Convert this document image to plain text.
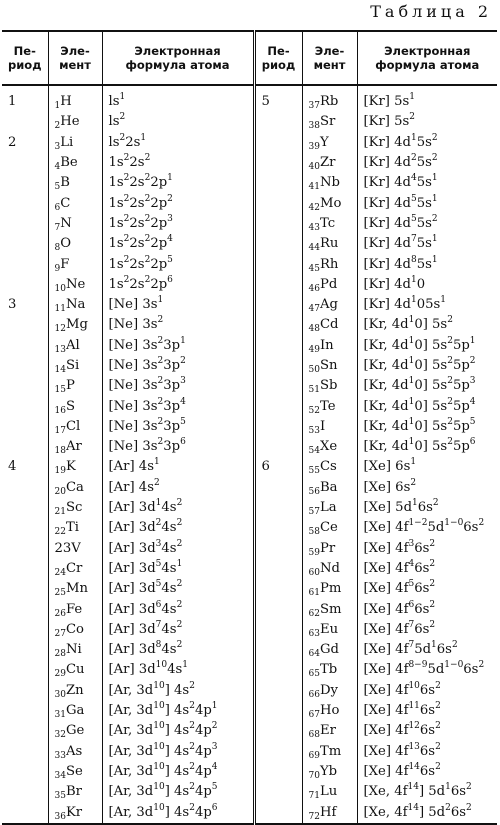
Таблица 2
Пе-
риод	Эле-
мент	Электронная
формула атома	Пе-
риод	Эле-
мент	Электронная
формула атома

1	$_1$H	$ls^1$	5	$_{37}$Rb	[Kr] $5s^1$
	$_2$He	$ls^2$		$_{38}$Sr	[Kr] $5s^2$
2	$_3$Li	$ls^22s^1$		$_{39}$Y	[Kr] $4d^15s^2$
	$_4$Be	$1s^22s^2$		$_{40}$Zr	[Kr] $4d^25s^2$
	$_5$B	$1s^22s^22p^1$		$_{41}$Nb	[Kr] $4d^45s^1$
	$_6$C	$1s^22s^22p^2$		$_{42}$Mo	[Kr] $4d^55s^1$
	$_7$N	$1s^22s^22p^3$		$_{43}$Tc	[Kr] $4d^55s^2$
	$_8$O	$1s^22s^22p^4$		$_{44}$Ru	[Kr] $4d^75s^1$
	$_9$F	$1s^22s^22p^5$		$_{45}$Rh	[Kr] $4d^85s^1$
	$_{10}$Ne	$1s^22s^22p^6$		$_{46}$Pd	[Kr] $4d^10$
3	$_{11}$Na	[Ne] $3s^1$		$_{47}$Ag	[Kr] $4d^105s^1$
	$_{12}$Mg	[Ne] $3s^2$		$_{48}$Cd	[Kr, $4d^10$] $5s^2$
	$_{13}$Al	[Ne] $3s^23p^1$		$_{49}$In	[Kr, $4d^10$] $5s^25p^1$
	$_{14}$Si	[Ne] $3s^23p^2$		$_{50}$Sn	[Kr, $4d^10$] $5s^25p^2$
	$_{15}$P	[Ne] $3s^23p^3$		$_{51}$Sb	[Kr, $4d^10$] $5s^25p^3$
	$_{16}$S	[Ne] $3s^23p^4$		$_{52}$Te	[Kr, $4d^10$] $5s^25p^4$
	$_{17}$Cl	[Ne] $3s^23p^5$		$_{53}$I	[Kr, $4d^10$] $5s^25p^5$
	$_{18}$Ar	[Ne] $3s^23p^6$		$_{54}$Xe	[Kr, $4d^10$] $5s^25p^6$
4	$_{19}$K	[Ar] $4s^1$	6	$_{55}$Cs	[Xe] $6s^1$
	$_{20}$Ca	[Ar] $4s^2$		$_{56}$Ba	[Xe] $6s^2$
	$_{21}$Sc	[Ar] $3d^14s^2$		$_{57}$La	[Xe] $5d^16s^2$
	$_{22}$Ti	[Ar] $3d^24s^2$		$_{58}$Ce	[Xe] $4f^{1-2}5d^{1-0}6s^2$
	23V	[Ar] $3d^34s^2$		$_{59}$Pr	[Xe] $4f^36s^2$
	$_{24}$Cr	[Ar] $3d^54s^1$		$_{60}$Nd	[Xe] $4f^46s^2$
	$_{25}$Mn	[Ar] $3d^54s^2$		$_{61}$Pm	[Xe] $4f^56s^2$
	$_{26}$Fe	[Ar] $3d^64s^2$		$_{62}$Sm	[Xe] $4f^66s^2$
	$_{27}$Co	[Ar] $3d^74s^2$		$_{63}$Eu	[Xe] $4f^76s^2$
	$_{28}$Ni	[Ar] $3d^84s^2$		$_{64}$Gd	[Xe] $4f^75d^16s^2$
	$_{29}$Cu	[Ar] $3d^{10}4s^1$		$_{65}$Tb	[Xe] $4f^{8-9}5d^{1-0}6s^2$
	$_{30}$Zn	[Ar, $3d^{10}$] $4s^2$		$_{66}$Dy	[Xe] $4f^{10}6s^2$
	$_{31}$Ga	[Ar, $3d^{10}$] $4s^24p^1$		$_{67}$Ho	[Xe] $4f^{11}6s^2$
	$_{32}$Ge	[Ar, $3d^{10}$] $4s^24p^2$		$_{68}$Er	[Xe] $4f^{12}6s^2$
	$_{33}$As	[Ar, $3d^{10}$] $4s^24p^3$		$_{69}$Tm	[Xe] $4f^{13}6s^2$
	$_{34}$Se	[Ar, $3d^{10}$] $4s^24p^4$		$_{70}$Yb	[Xe] $4f^{14}6s^2$
	$_{35}$Br	[Ar, $3d^{10}$] $4s^24p^5$		$_{71}$Lu	[Xe, $4f^{14}$] $5d^16s^2$
	$_{36}$Kr	[Ar, $3d^{10}$] $4s^24p^6$		$_{72}$Hf	[Xe, $4f^{14}$] $5d^26s^2$
